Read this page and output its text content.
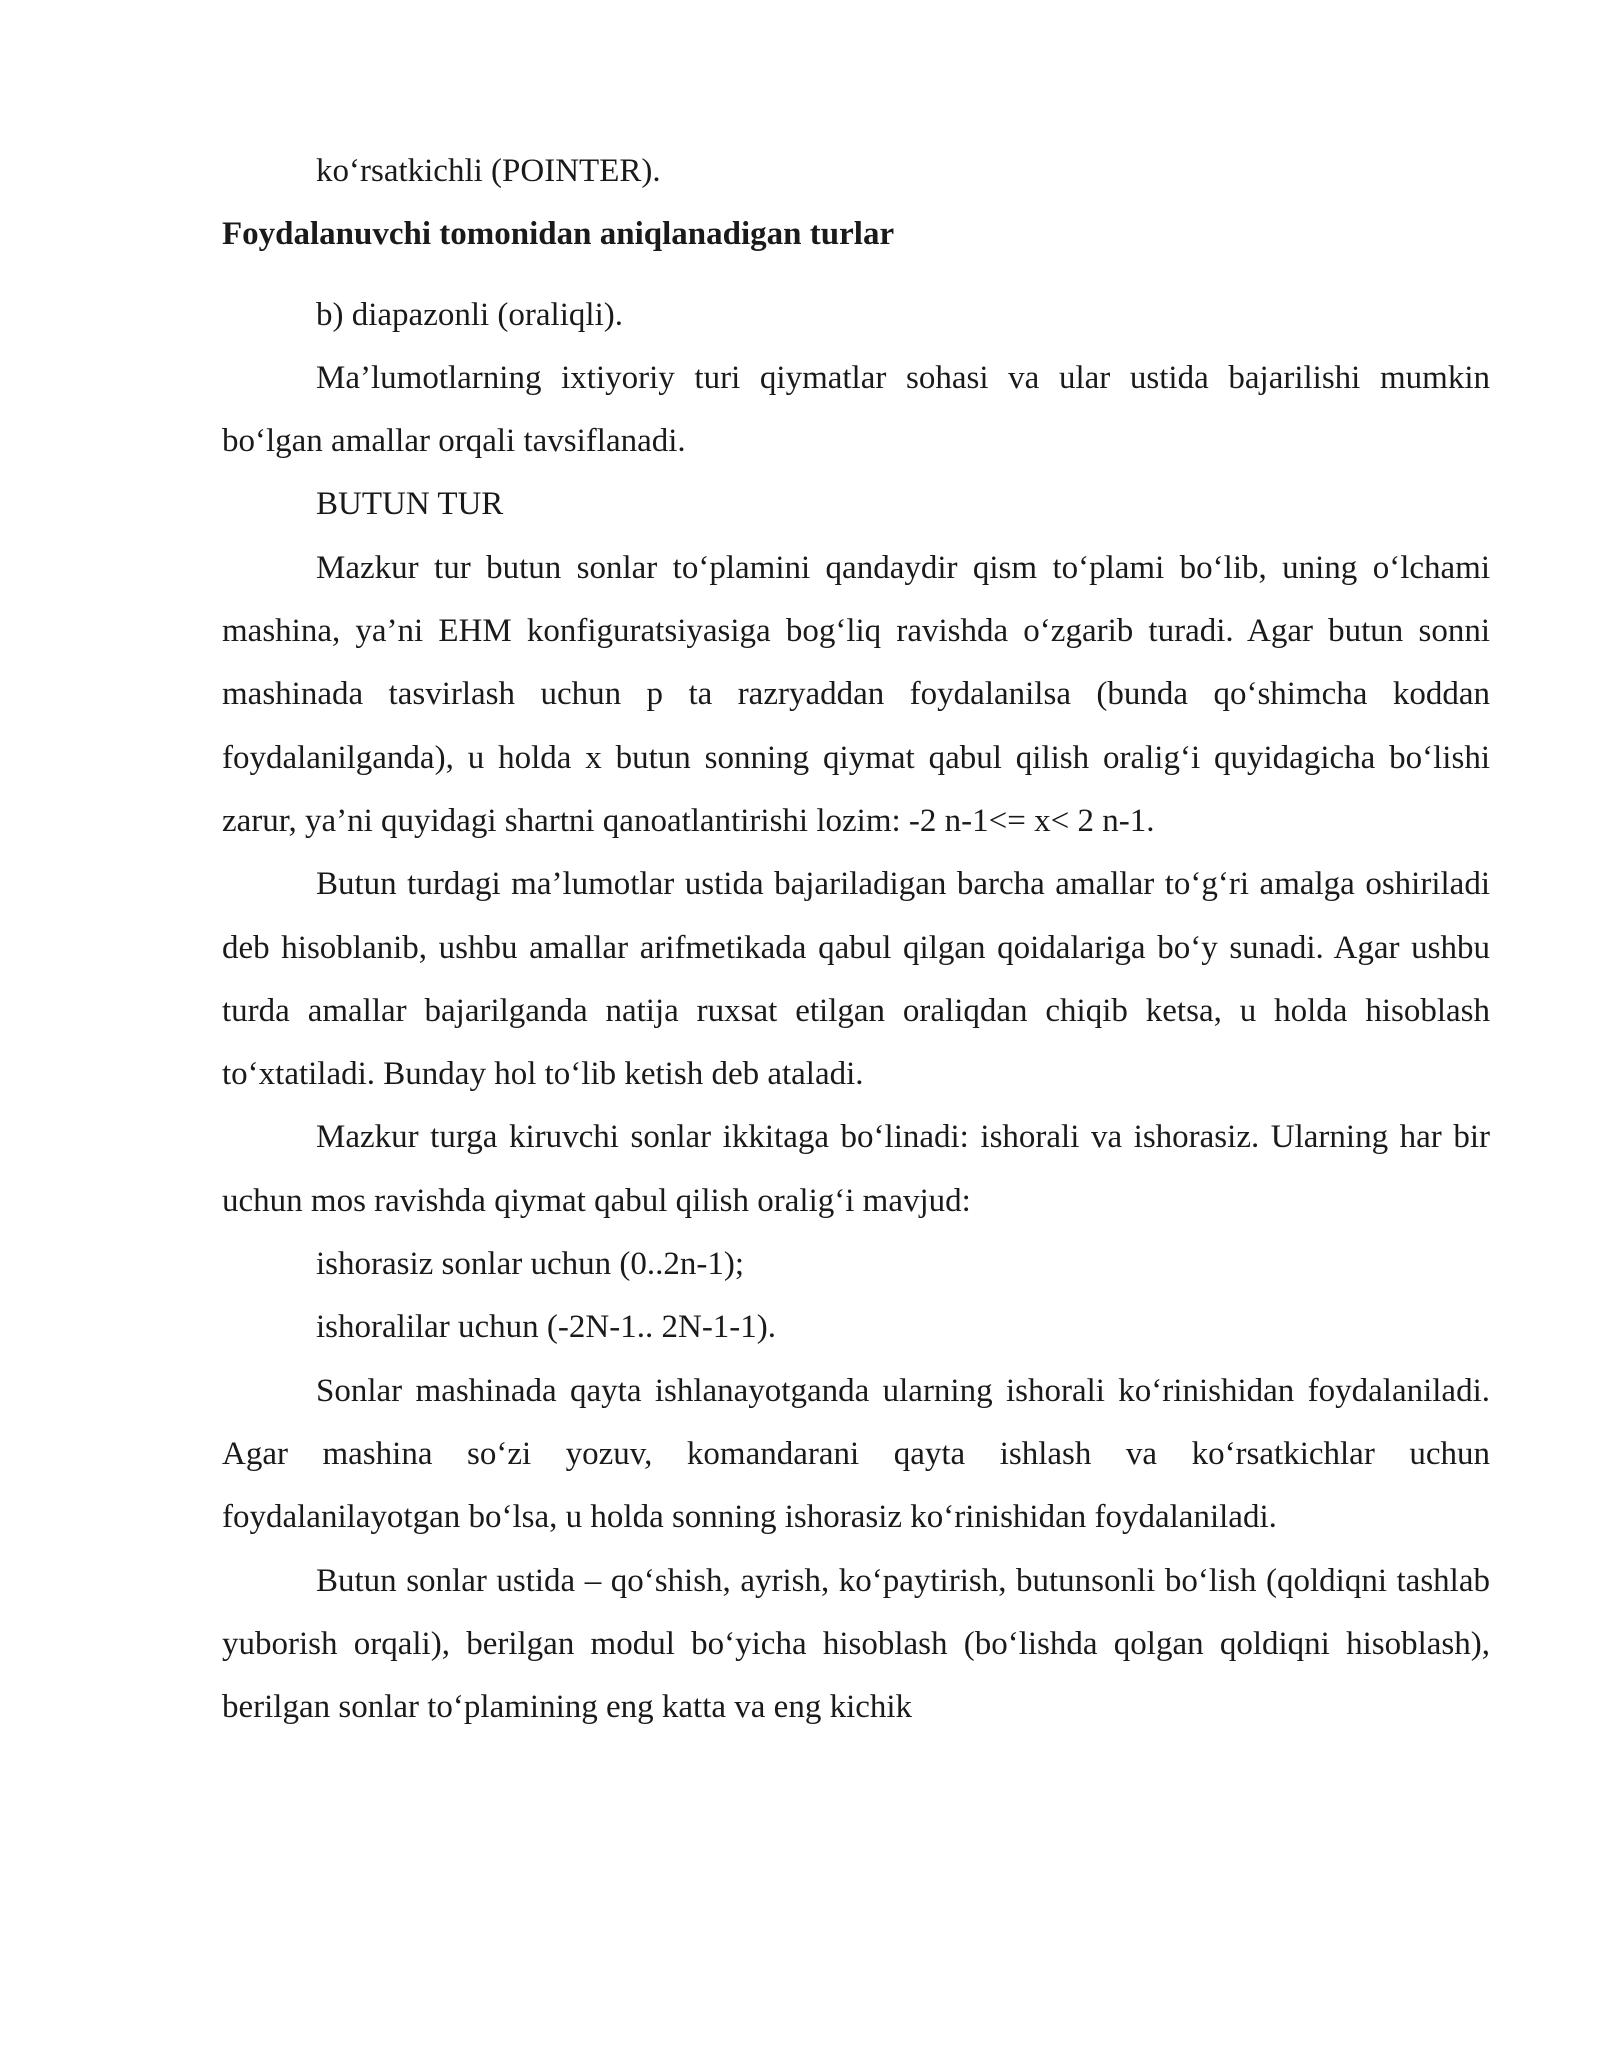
ko‘rsatkichli (POINTER).

Foydalanuvchi tomonidan aniqlanadigan turlar

b) diapazonli (oraliqli).

Ma’lumotlarning ixtiyoriy turi qiymatlar sohasi va ular ustida bajarilishi mumkin bo‘lgan amallar orqali tavsiflanadi.

BUTUN TUR

Mazkur tur butun sonlar to‘plamini qandaydir qism to‘plami bo‘lib, uning o‘lchami mashina, ya’ni EHM konfiguratsiyasiga bog‘liq ravishda o‘zgarib turadi. Agar butun sonni mashinada tasvirlash uchun p ta razryaddan foydalanilsa (bunda qo‘shimcha koddan foydalanilganda), u holda x butun sonning qiymat qabul qilish oralig‘i quyidagicha bo‘lishi zarur, ya’ni quyidagi shartni qanoatlantirishi lozim: -2 n-1<= x< 2 n-1.

Butun turdagi ma’lumotlar ustida bajariladigan barcha amallar to‘g‘ri amalga oshiriladi deb hisoblanib, ushbu amallar arifmetikada qabul qilgan qoidalariga bo‘y sunadi. Agar ushbu turda amallar bajarilganda natija ruxsat etilgan oraliqdan chiqib ketsa, u holda hisoblash to‘xtatiladi. Bunday hol to‘lib ketish deb ataladi.

Mazkur turga kiruvchi sonlar ikkitaga bo‘linadi: ishorali va ishorasiz. Ularning har bir uchun mos ravishda qiymat qabul qilish oralig‘i mavjud:

ishorasiz sonlar uchun (0..2n-1);

ishoralilar uchun (-2N-1.. 2N-1-1).

Sonlar mashinada qayta ishlanayotganda ularning ishorali ko‘rinishidan foydalaniladi. Agar mashina so‘zi yozuv, komandarani qayta ishlash va ko‘rsatkichlar uchun foydalanilayotgan bo‘lsa, u holda sonning ishorasiz ko‘rinishidan foydalaniladi.

Butun sonlar ustida – qo‘shish, ayrish, ko‘paytirish, butunsonli bo‘lish (qoldiqni tashlab yuborish orqali), berilgan modul bo‘yicha hisoblash (bo‘lishda qolgan qoldiqni hisoblash), berilgan sonlar to‘plamining eng katta va eng kichik
